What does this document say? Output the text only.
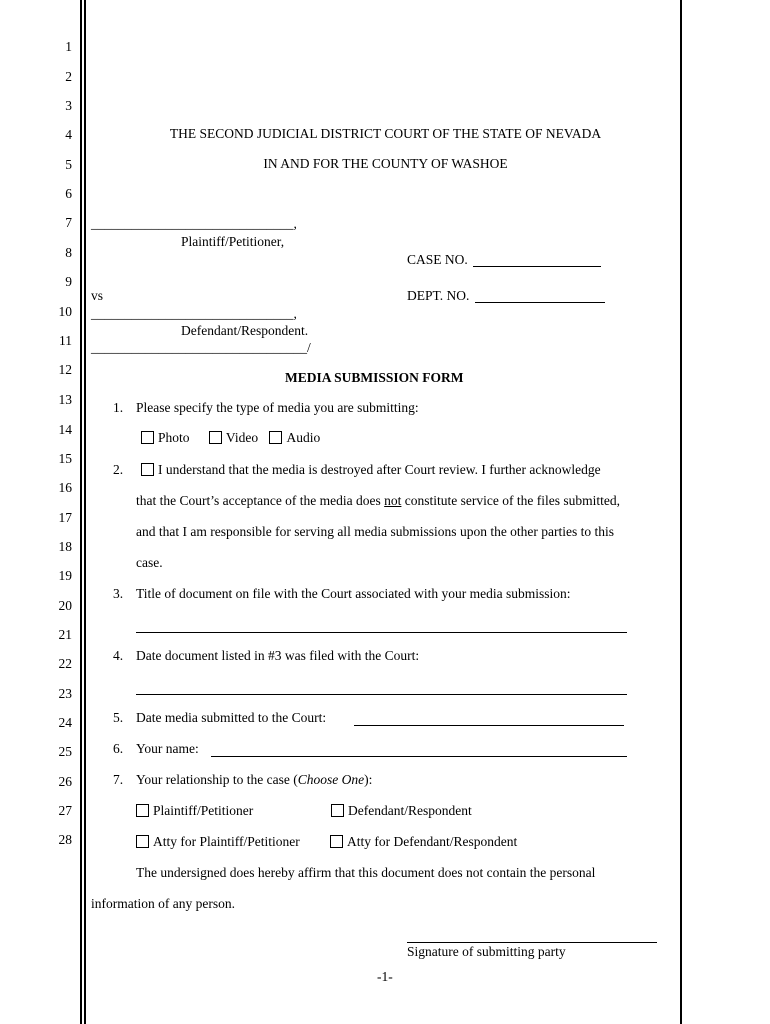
1
2
3
4
5
6
7
8
9
10
11
12
13
14
15
16
17
18
19
20
21
22
23
24
25
26
27
28
THE SECOND JUDICIAL DISTRICT COURT OF THE STATE OF NEVADA
IN AND FOR THE COUNTY OF WASHOE
______________________________,
Plaintiff/Petitioner,
CASE NO.
vs	DEPT. NO.
______________________________,
Defendant/Respondent.
________________________________/
MEDIA SUBMISSION FORM
1. Please specify the type of media you are submitting:
Photo	Video Audio
2.	I understand that the media is destroyed after Court review. I further acknowledge
that the Court’s acceptance of the media does not constitute service of the files submitted,
and that I am responsible for serving all media submissions upon the other parties to this
case.
3. Title of document on file with the Court associated with your media submission:
4. Date document listed in #3 was filed with the Court:
5. Date media submitted to the Court:
6. Your name:
7. Your relationship to the case (Choose One):
Plaintiff/Petitioner	Defendant/Respondent
Atty for Plaintiff/Petitioner	Atty for Defendant/Respondent
The undersigned does hereby affirm that this document does not contain the personal
information of any person.
Signature of submitting party
-1-
